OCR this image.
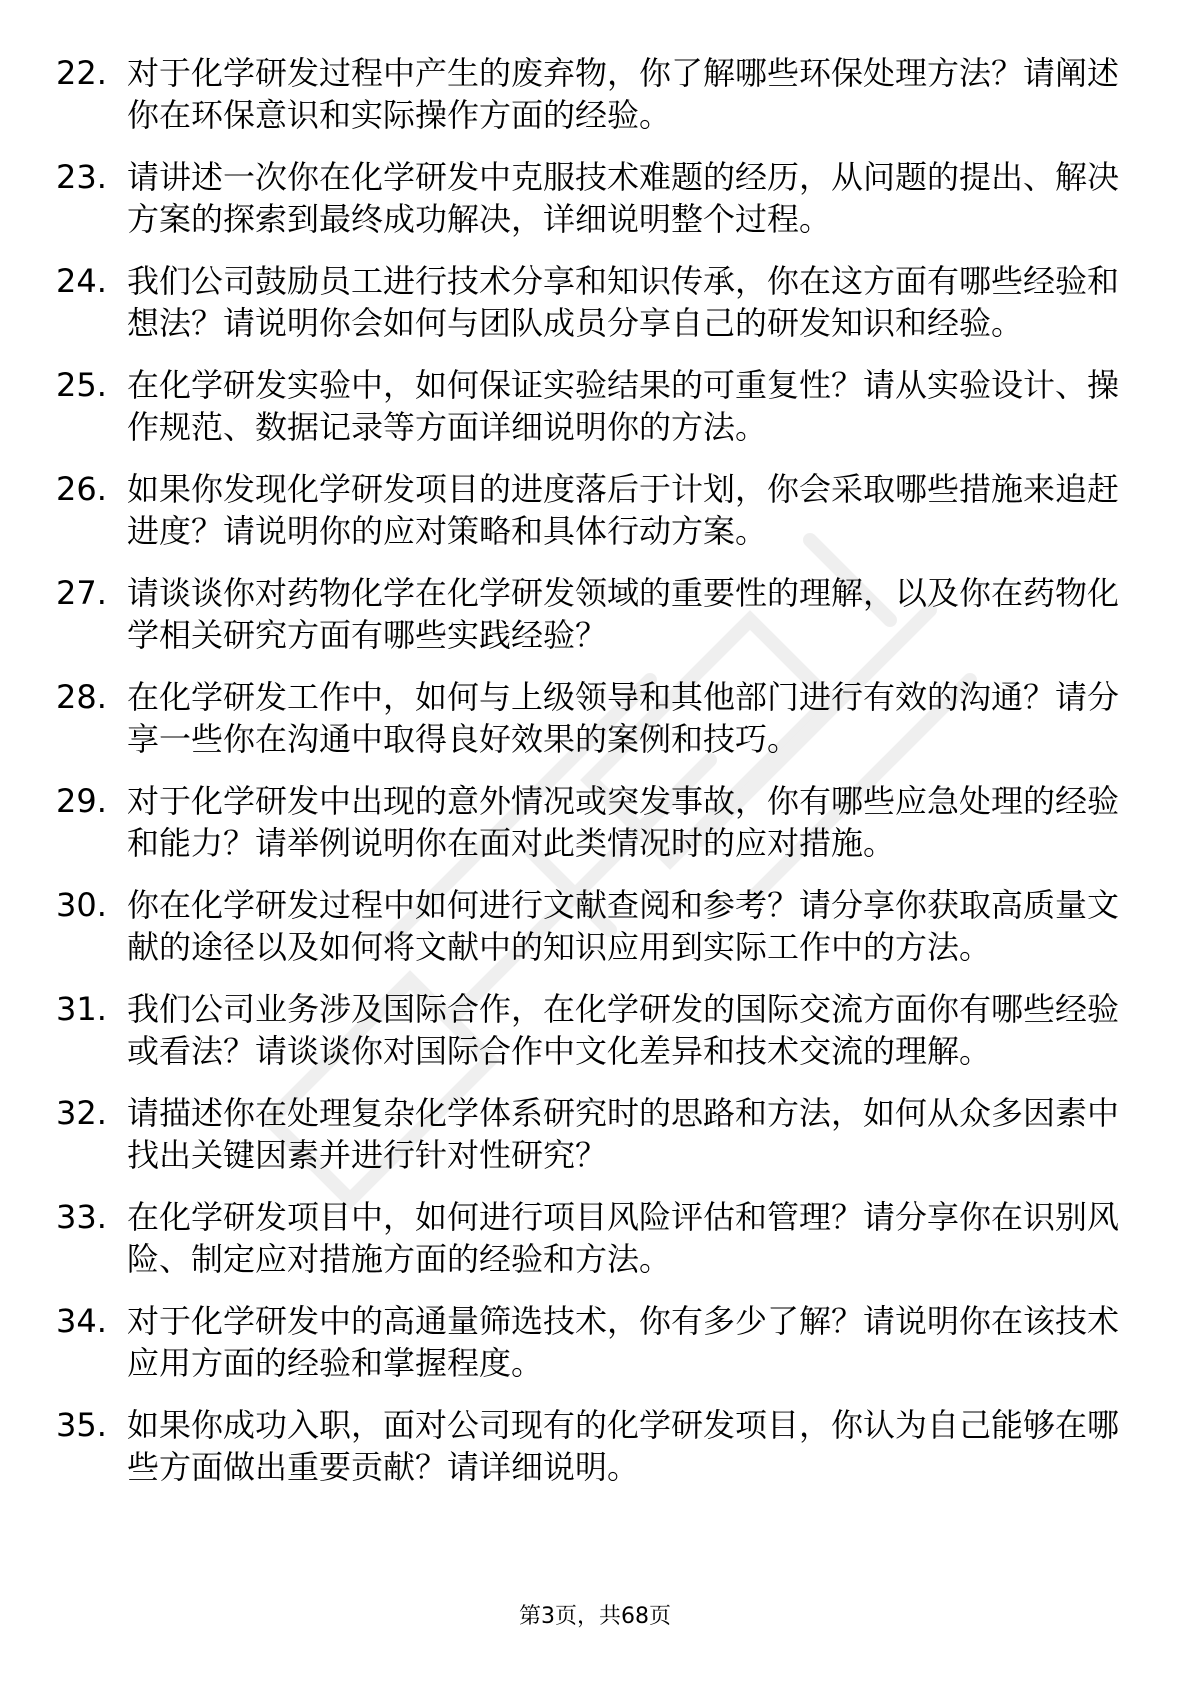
22. 对于化学研发过程中产生的废弃物，你了解哪些环保处理方法？请阐述你在环保意识和实际操作方面的经验。
23. 请讲述一次你在化学研发中克服技术难题的经历，从问题的提出、解决方案的探索到最终成功解决，详细说明整个过程。
24. 我们公司鼓励员工进行技术分享和知识传承，你在这方面有哪些经验和想法？请说明你会如何与团队成员分享自己的研发知识和经验。
25. 在化学研发实验中，如何保证实验结果的可重复性？请从实验设计、操作规范、数据记录等方面详细说明你的方法。
26. 如果你发现化学研发项目的进度落后于计划，你会采取哪些措施来追赶进度？请说明你的应对策略和具体行动方案。
27. 请谈谈你对药物化学在化学研发领域的重要性的理解，以及你在药物化学相关研究方面有哪些实践经验？
28. 在化学研发工作中，如何与上级领导和其他部门进行有效的沟通？请分享一些你在沟通中取得良好效果的案例和技巧。
29. 对于化学研发中出现的意外情况或突发事故，你有哪些应急处理的经验和能力？请举例说明你在面对此类情况时的应对措施。
30. 你在化学研发过程中如何进行文献查阅和参考？请分享你获取高质量文献的途径以及如何将文献中的知识应用到实际工作中的方法。
31. 我们公司业务涉及国际合作，在化学研发的国际交流方面你有哪些经验或看法？请谈谈你对国际合作中文化差异和技术交流的理解。
32. 请描述你在处理复杂化学体系研究时的思路和方法，如何从众多因素中找出关键因素并进行针对性研究？
33. 在化学研发项目中，如何进行项目风险评估和管理？请分享你在识别风险、制定应对措施方面的经验和方法。
34. 对于化学研发中的高通量筛选技术，你有多少了解？请说明你在该技术应用方面的经验和掌握程度。
35. 如果你成功入职，面对公司现有的化学研发项目，你认为自己能够在哪些方面做出重要贡献？请详细说明。
第3页，共68页
